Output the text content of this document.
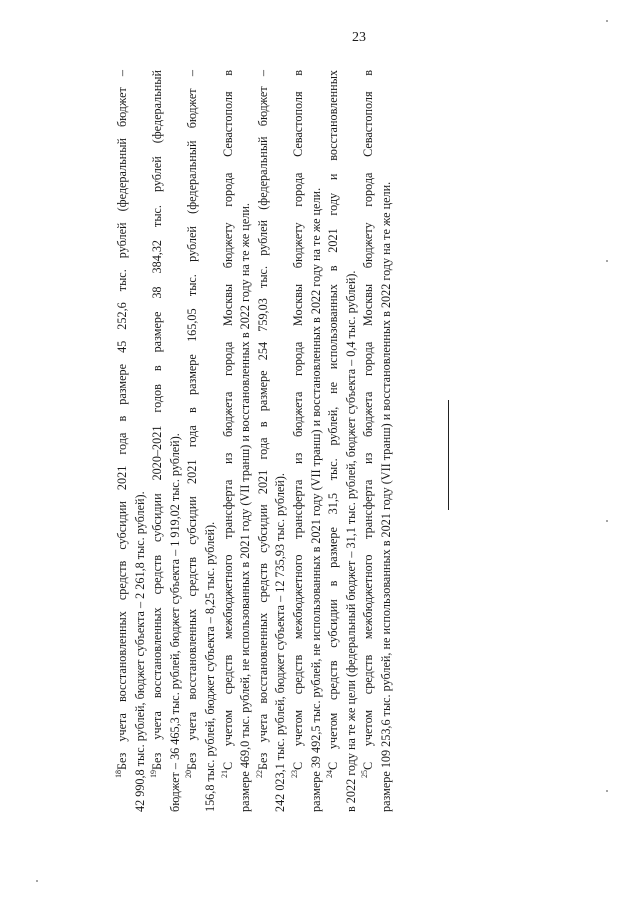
23
$^{18}$Без учета восстановленных средств субсидии 2021 года в размере 45 252,6 тыс. рублей (федеральный бюджет – 42 990,8 тыс. рублей, бюджет субъекта – 2 261,8 тыс. рублей). $^{19}$Без учета восстановленных средств субсидии 2020–2021 годов в размере 38 384,32 тыс. рублей (федеральный бюджет – 36 465,3 тыс. рублей, бюджет субъекта – 1 919,02 тыс. рублей). $^{20}$Без учета восстановленных средств субсидии 2021 года в размере 165,05 тыс. рублей (федеральный бюджет – 156,8 тыс. рублей, бюджет субъекта – 8,25 тыс. рублей). $^{21}$С учетом средств межбюджетного трансферта из бюджета города Москвы бюджету города Севастополя в размере 469,0 тыс. рублей, не использованных в 2021 году (VII транш) и восстановленных в 2022 году на те же цели. $^{22}$Без учета восстановленных средств субсидии 2021 года в размере 254 759,03 тыс. рублей (федеральный бюджет – 242 023,1 тыс. рублей, бюджет субъекта – 12 735,93 тыс. рублей). $^{23}$С учетом средств межбюджетного трансферта из бюджета города Москвы бюджету города Севастополя в размере 39 492,5 тыс. рублей, не использованных в 2021 году (VII транш) и восстановленных в 2022 году на те же цели. $^{24}$С учетом средств субсидии в размере 31,5 тыс. рублей, не использованных в 2021 году и восстановленных в 2022 году на те же цели (федеральный бюджет – 31,1 тыс. рублей, бюджет субъекта – 0,4 тыс. рублей). $^{25}$С учетом средств межбюджетного трансферта из бюджета города Москвы бюджету города Севастополя в размере 109 253,6 тыс. рублей, не использованных в 2021 году (VII транш) и восстановленных в 2022 году на те же цели.
